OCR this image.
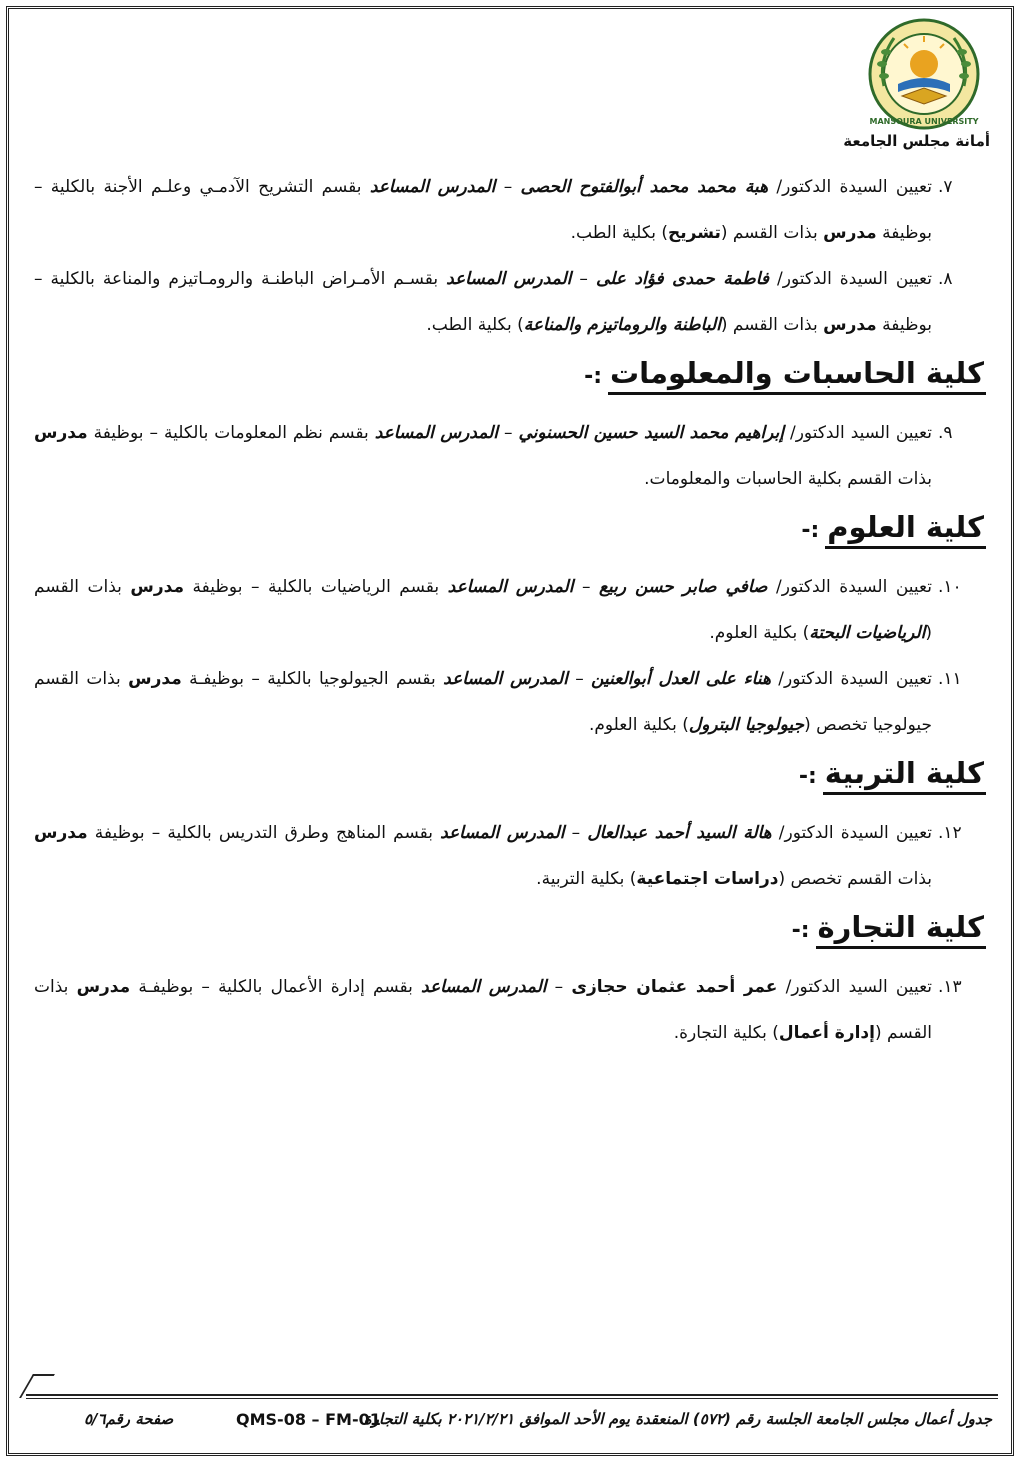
MANSOURA UNIVERSITY
أمانة مجلس الجامعة
٧.
تعيين السيدة الدكتور/ هبة محمد محمد أبوالفتوح الحصى – المدرس المساعد بقسم التشريح الآدمـي وعلـم الأجنة بالكلية – بوظيفة مدرس بذات القسم (تشريح) بكلية الطب.
٨.
تعيين السيدة الدكتور/ فاطمة حمدى فؤاد على – المدرس المساعد بقسـم الأمـراض الباطنـة والرومـاتيزم والمناعة بالكلية – بوظيفة مدرس بذات القسم (الباطنة والروماتيزم والمناعة) بكلية الطب.
كلية الحاسبات والمعلومات
:-
٩.
تعيين السيد الدكتور/ إبراهيم محمد السيد حسين الحسنوني – المدرس المساعد بقسم نظم المعلومات بالكلية – بوظيفة مدرس بذات القسم بكلية الحاسبات والمعلومات.
كلية العلوم
:-
١٠.
تعيين السيدة الدكتور/ صافي صابر حسن ربيع – المدرس المساعد بقسم الرياضيات بالكلية – بوظيفة مدرس بذات القسم (الرياضيات البحتة) بكلية العلوم.
١١.
تعيين السيدة الدكتور/ هناء على العدل أبوالعنين – المدرس المساعد بقسم الجيولوجيا بالكلية – بوظيفـة مدرس بذات القسم جيولوجيا تخصص (جيولوجيا البترول) بكلية العلوم.
كلية التربية
:-
١٢.
تعيين السيدة الدكتور/ هالة السيد أحمد عبدالعال – المدرس المساعد بقسم المناهج وطرق التدريس بالكلية – بوظيفة مدرس بذات القسم تخصص (دراسات اجتماعية) بكلية التربية.
كلية التجارة
:-
١٣.
تعيين السيد الدكتور/ عمر أحمد عثمان حجازى – المدرس المساعد بقسم إدارة الأعمال بالكلية – بوظيفـة مدرس بذات القسم (إدارة أعمال) بكلية التجارة.
جدول أعمال مجلس الجامعة الجلسة رقم (٥٧٢) المنعقدة يوم الأحد الموافق ٢٠٢١/٢/٢١ بكلية التجارة
QMS-08 – FM-01
صفحة رقم٥/٦
